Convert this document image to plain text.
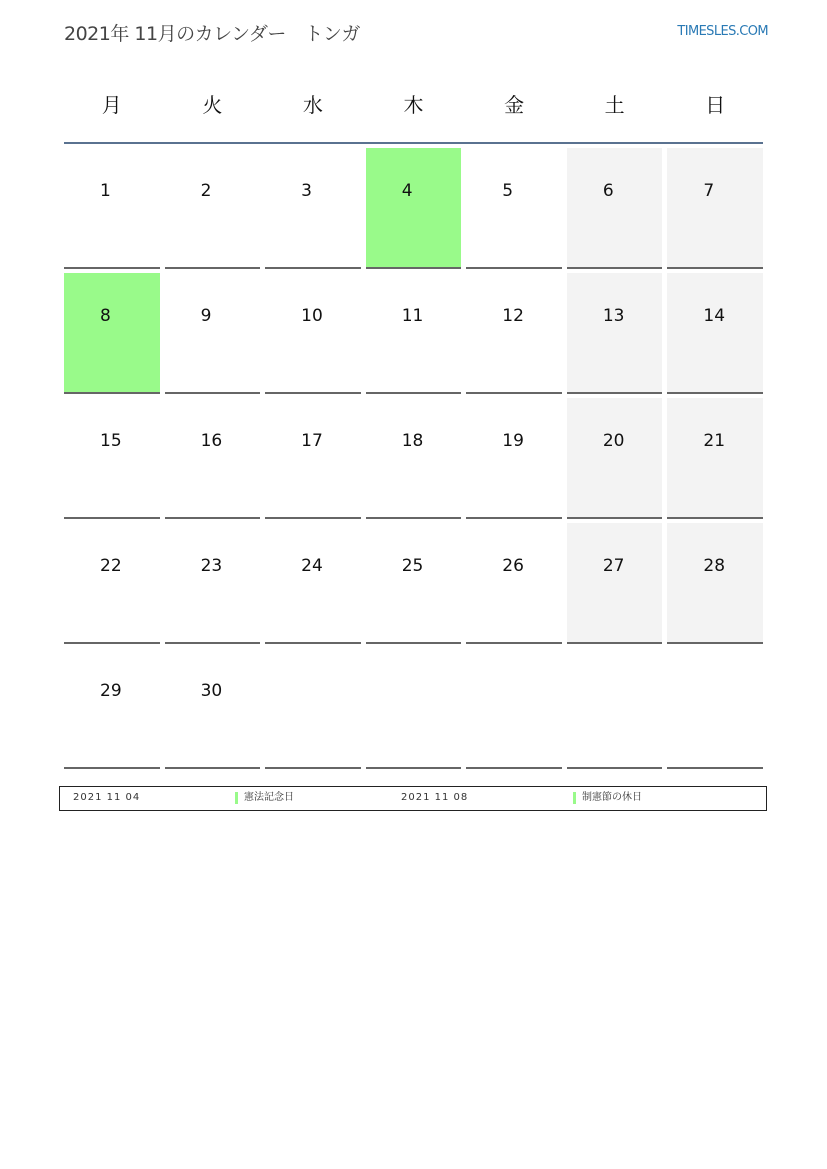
2021年 11月のカレンダー　トンガ	TIMESLES.COM
月	火	水	木	金	土	日
1	2	3	4	5	6	7
8	9	10	11	12	13	14
15	16	17	18	19	20	21
22	23	24	25	26	27	28
29	30
2021 11 04	憲法記念日	2021 11 08	制憲節の休日
